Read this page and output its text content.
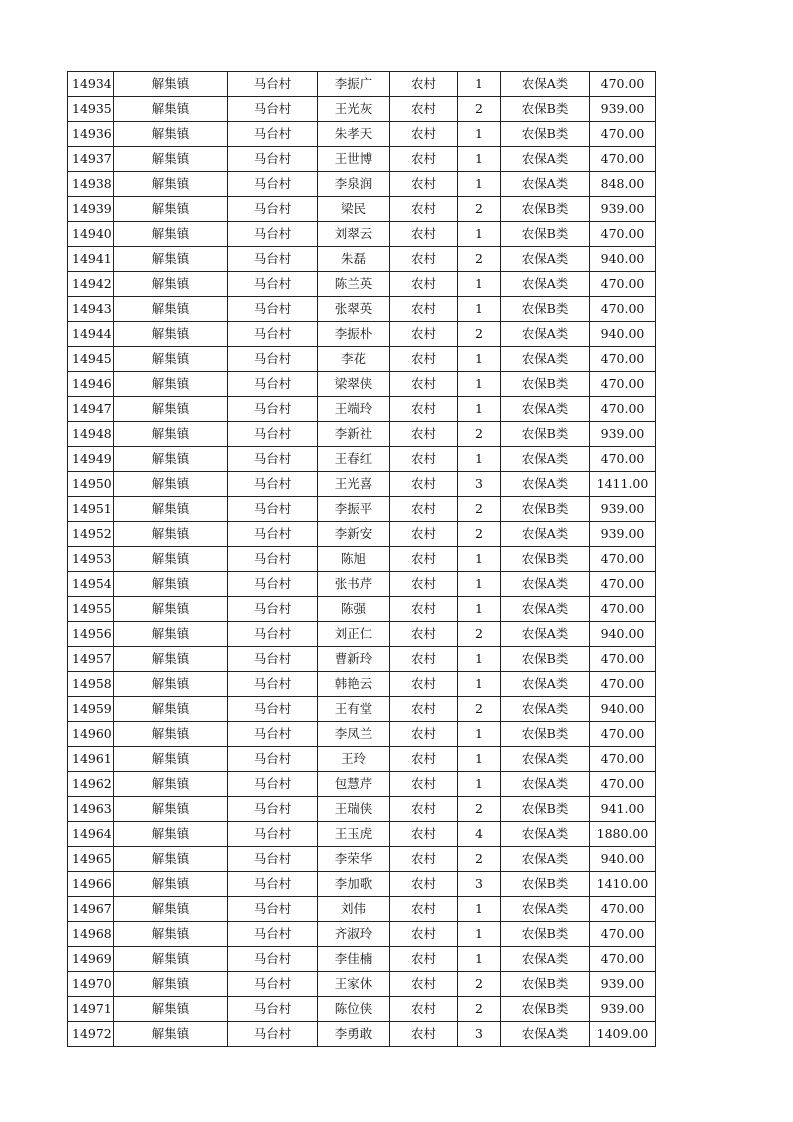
14934	解集镇	马台村	李振广	农村	1	农保A类	470.00
14935	解集镇	马台村	王光灰	农村	2	农保B类	939.00
14936	解集镇	马台村	朱孝天	农村	1	农保B类	470.00
14937	解集镇	马台村	王世博	农村	1	农保A类	470.00
14938	解集镇	马台村	李泉润	农村	1	农保A类	848.00
14939	解集镇	马台村	梁民	农村	2	农保B类	939.00
14940	解集镇	马台村	刘翠云	农村	1	农保B类	470.00
14941	解集镇	马台村	朱磊	农村	2	农保A类	940.00
14942	解集镇	马台村	陈兰英	农村	1	农保A类	470.00
14943	解集镇	马台村	张翠英	农村	1	农保B类	470.00
14944	解集镇	马台村	李振朴	农村	2	农保A类	940.00
14945	解集镇	马台村	李花	农村	1	农保A类	470.00
14946	解集镇	马台村	梁翠侠	农村	1	农保B类	470.00
14947	解集镇	马台村	王端玲	农村	1	农保A类	470.00
14948	解集镇	马台村	李新社	农村	2	农保B类	939.00
14949	解集镇	马台村	王春红	农村	1	农保A类	470.00
14950	解集镇	马台村	王光喜	农村	3	农保A类	1411.00
14951	解集镇	马台村	李振平	农村	2	农保B类	939.00
14952	解集镇	马台村	李新安	农村	2	农保A类	939.00
14953	解集镇	马台村	陈旭	农村	1	农保B类	470.00
14954	解集镇	马台村	张书芹	农村	1	农保A类	470.00
14955	解集镇	马台村	陈强	农村	1	农保A类	470.00
14956	解集镇	马台村	刘正仁	农村	2	农保A类	940.00
14957	解集镇	马台村	曹新玲	农村	1	农保B类	470.00
14958	解集镇	马台村	韩艳云	农村	1	农保A类	470.00
14959	解集镇	马台村	王有堂	农村	2	农保A类	940.00
14960	解集镇	马台村	李凤兰	农村	1	农保B类	470.00
14961	解集镇	马台村	王玲	农村	1	农保A类	470.00
14962	解集镇	马台村	包慧芹	农村	1	农保A类	470.00
14963	解集镇	马台村	王瑞侠	农村	2	农保B类	941.00
14964	解集镇	马台村	王玉虎	农村	4	农保A类	1880.00
14965	解集镇	马台村	李荣华	农村	2	农保A类	940.00
14966	解集镇	马台村	李加歌	农村	3	农保B类	1410.00
14967	解集镇	马台村	刘伟	农村	1	农保A类	470.00
14968	解集镇	马台村	齐淑玲	农村	1	农保B类	470.00
14969	解集镇	马台村	李佳楠	农村	1	农保A类	470.00
14970	解集镇	马台村	王家休	农村	2	农保B类	939.00
14971	解集镇	马台村	陈位侠	农村	2	农保B类	939.00
14972	解集镇	马台村	李勇敢	农村	3	农保A类	1409.00
